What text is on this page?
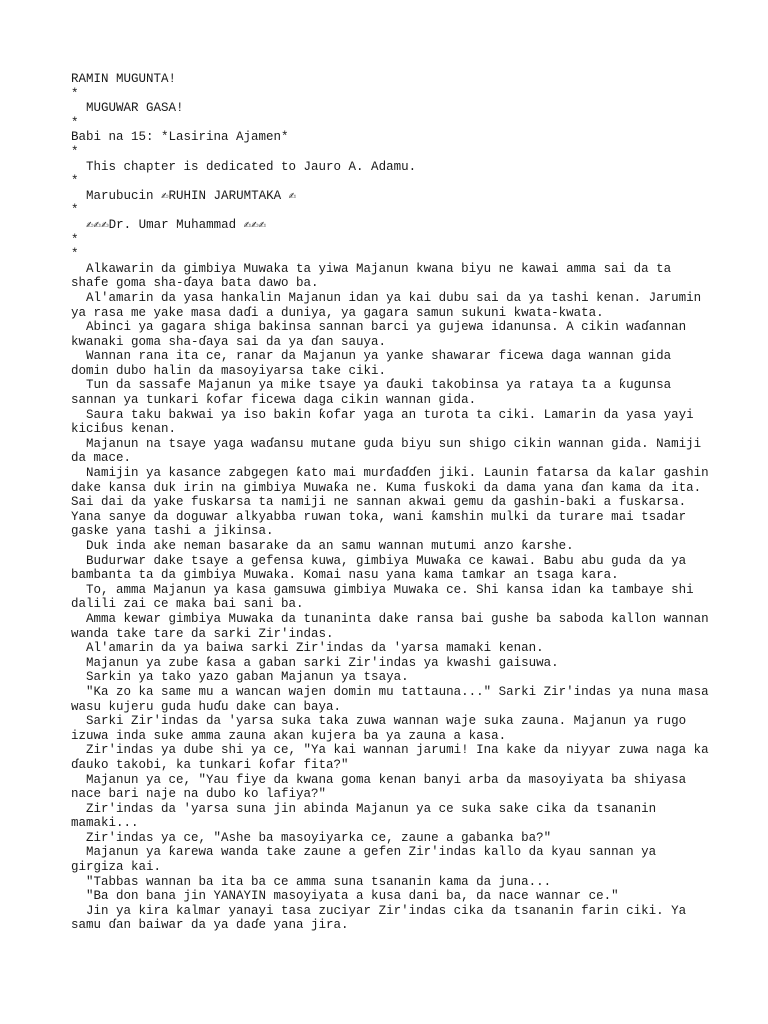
RAMIN MUGUNTA!
*
MUGUWAR GASA!
*
Babi na 15: *Lasirina Ajamen*
*
This chapter is dedicated to Jauro A. Adamu.
*
Marubucin ✍RUHIN JARUMTAKA ✍
*
✍✍✍Dr. Umar Muhammad ✍✍✍
*
*

Alkawarin da gimbiya Muwaka ta yiwa Majanun kwana biyu ne kawai amma sai da ta shafe goma sha-ɗaya bata dawo ba.

Al'amarin da yasa hankalin Majanun idan ya kai dubu sai da ya tashi kenan. Jarumin ya rasa me yake masa daɗi a duniya, ya gagara samun sukuni kwata-kwata.

Abinci ya gagara shiga bakinsa sannan barci ya gujewa idanunsa. A cikin waɗannan kwanaki goma sha-ɗaya sai da ya ɗan sauya.

Wannan rana ita ce, ranar da Majanun ya yanke shawarar ficewa daga wannan gida domin dubo halin da masoyiyarsa take ciki.

Tun da sassafe Majanun ya mike tsaye ya ɗauki takobinsa ya rataya ta a ƙugunsa sannan ya tunkari ƙofar ficewa daga cikin wannan gida.

Saura taku bakwai ya iso bakin ƙofar yaga an turota ta ciki. Lamarin da yasa yayi kiciɓus kenan.

Majanun na tsaye yaga waɗansu mutane guda biyu sun shigo cikin wannan gida. Namiji da mace.

Namijin ya kasance zabgegen ƙato mai murɗaɗɗen jiki. Launin fatarsa da kalar gashin dake kansa duk irin na gimbiya Muwaƙa ne. Kuma fuskoki da dama yana ɗan kama da ita. Sai dai da yake fuskarsa ta namiji ne sannan akwai gemu da gashin-baki a fuskarsa. Yana sanye da doguwar alkyabba ruwan toka, wani ƙamshin mulki da turare mai tsadar gaske yana tashi a jikinsa.

Duk inda ake neman basarake da an samu wannan mutumi anzo ƙarshe.

Budurwar dake tsaye a gefensa kuwa, gimbiya Muwaƙa ce kawai. Babu abu guda da ya bambanta ta da gimbiya Muwaka. Komai nasu yana kama tamkar an tsaga kara.

To, amma Majanun ya kasa gamsuwa gimbiya Muwaka ce. Shi kansa idan ka tambaye shi dalili zai ce maka bai sani ba.

Amma kewar gimbiya Muwaka da tunaninta dake ransa bai gushe ba saboda kallon wannan wanda take tare da sarki Zir'indas.

Al'amarin da ya baiwa sarki Zir'indas da 'yarsa mamaki kenan.

Majanun ya zube ƙasa a gaban sarki Zir'indas ya kwashi gaisuwa.

Sarkin ya tako yazo gaban Majanun ya tsaya.

"Ka zo ka same mu a wancan wajen domin mu tattauna..." Sarki Zir'indas ya nuna masa wasu kujeru guda huɗu dake can baya.

Sarki Zir'indas da 'yarsa suka taka zuwa wannan waje suka zauna. Majanun ya rugo izuwa inda suke amma zauna akan kujera ba ya zauna a kasa.

Zir'indas ya dube shi ya ce, "Ya kai wannan jarumi! Ina kake da niyyar zuwa naga ka ɗauko takobi, ka tunkari ƙofar fita?"

Majanun ya ce, "Yau fiye da kwana goma kenan banyi arba da masoyiyata ba shiyasa nace bari naje na dubo ko lafiya?"

Zir'indas da 'yarsa suna jin abinda Majanun ya ce suka sake cika da tsananin mamaki...

Zir'indas ya ce, "Ashe ba masoyiyarka ce, zaune a gabanka ba?"

Majanun ya ƙarewa wanda take zaune a gefen Zir'indas kallo da kyau sannan ya girgiza kai.

"Tabbas wannan ba ita ba ce amma suna tsananin kama da juna...

"Ba don bana jin YANAYIN masoyiyata a kusa dani ba, da nace wannar ce."

Jin ya kira kalmar yanayi tasa zuciyar Zir'indas cika da tsananin farin ciki. Ya samu ɗan baiwar da ya daɗe yana jira.
